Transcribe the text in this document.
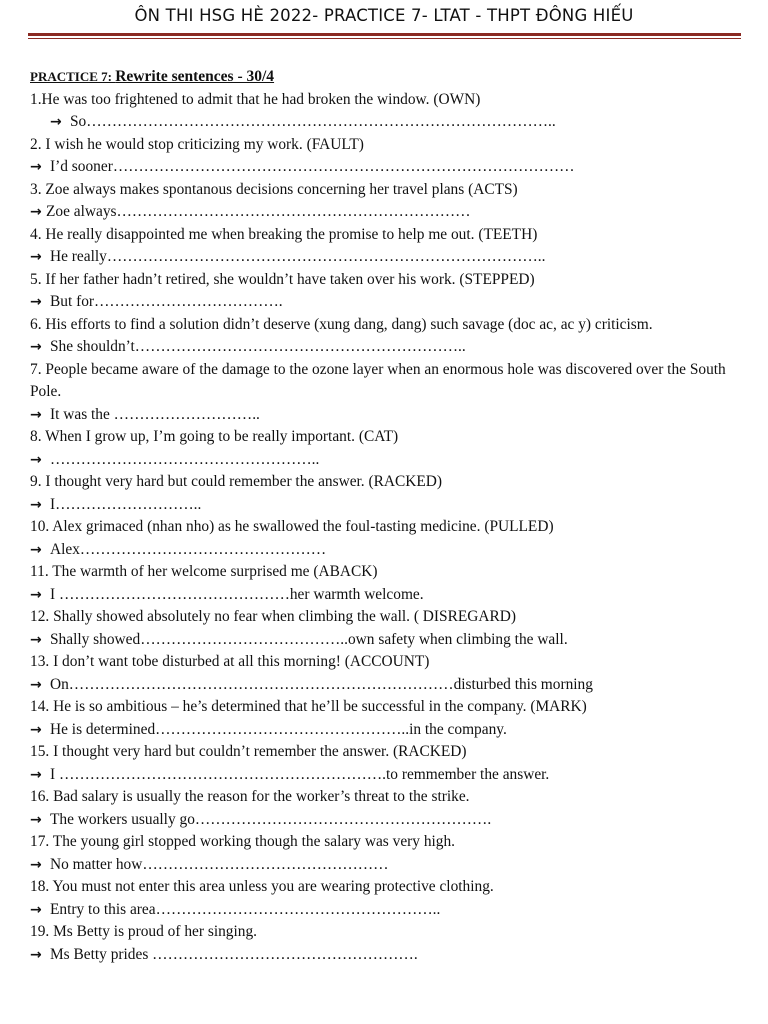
ÔN THI HSG HÈ 2022- PRACTICE 7- LTAT - THPT ĐÔNG HIẾU
PRACTICE 7: Rewrite sentences - 30/4
1.He was too frightened to admit that he had broken the window. (OWN)
→ So………………………………………………………………………………..
2. I wish he would stop criticizing my work. (FAULT)
→ I’d sooner………………………………………………………………………………
3. Zoe always makes spontanous decisions concerning her travel plans (ACTS)
→ Zoe always……………………………………………………………
4. He really disappointed me when breaking the promise to help me out. (TEETH)
→ He really…………………………………………………………………………..
5. If her father hadn’t retired, she wouldn’t have taken over his work. (STEPPED)
→ But for……………………………….
6. His efforts to find a solution didn’t deserve (xung dang, dang) such savage (doc ac, ac y) criticism.
→ She shouldn’t………………………………………………………..
7. People became aware of the damage to the ozone layer when an enormous hole was discovered over the South Pole.
→ It was the ………………………..
8. When I grow up, I’m going to be really important. (CAT)
→ ……………………………………………..
9. I thought very hard but could remember the answer. (RACKED)
→ I………………………..
10. Alex grimaced (nhan nho) as he swallowed the foul-tasting medicine. (PULLED)
→ Alex…………………………………………
11. The warmth of her welcome surprised me (ABACK)
→ I ………………………………………her warmth welcome.
12. Shally showed absolutely no fear when climbing the wall. ( DISREGARD)
→ Shally showed…………………………………..own safety when climbing the wall.
13. I don’t want tobe disturbed at all this morning! (ACCOUNT)
→ On…………………………………………………………………disturbed this morning
14. He is so ambitious – he’s determined that he’ll be successful in the company. (MARK)
→ He is determined…………………………………………..in the company.
15. I thought very hard but couldn’t remember the answer. (RACKED)
→ I ……………………………………………………….to remmember the answer.
16. Bad salary is usually the reason for the worker’s threat to the strike.
→ The workers usually go………………………………………………….
17. The young girl stopped working though the salary was very high.
→ No matter how…………………………………………
18. You must not enter this area unless you are wearing protective clothing.
→ Entry to this area………………………………………………..
19. Ms Betty is proud of her singing.
→ Ms Betty prides …………………………………………….
